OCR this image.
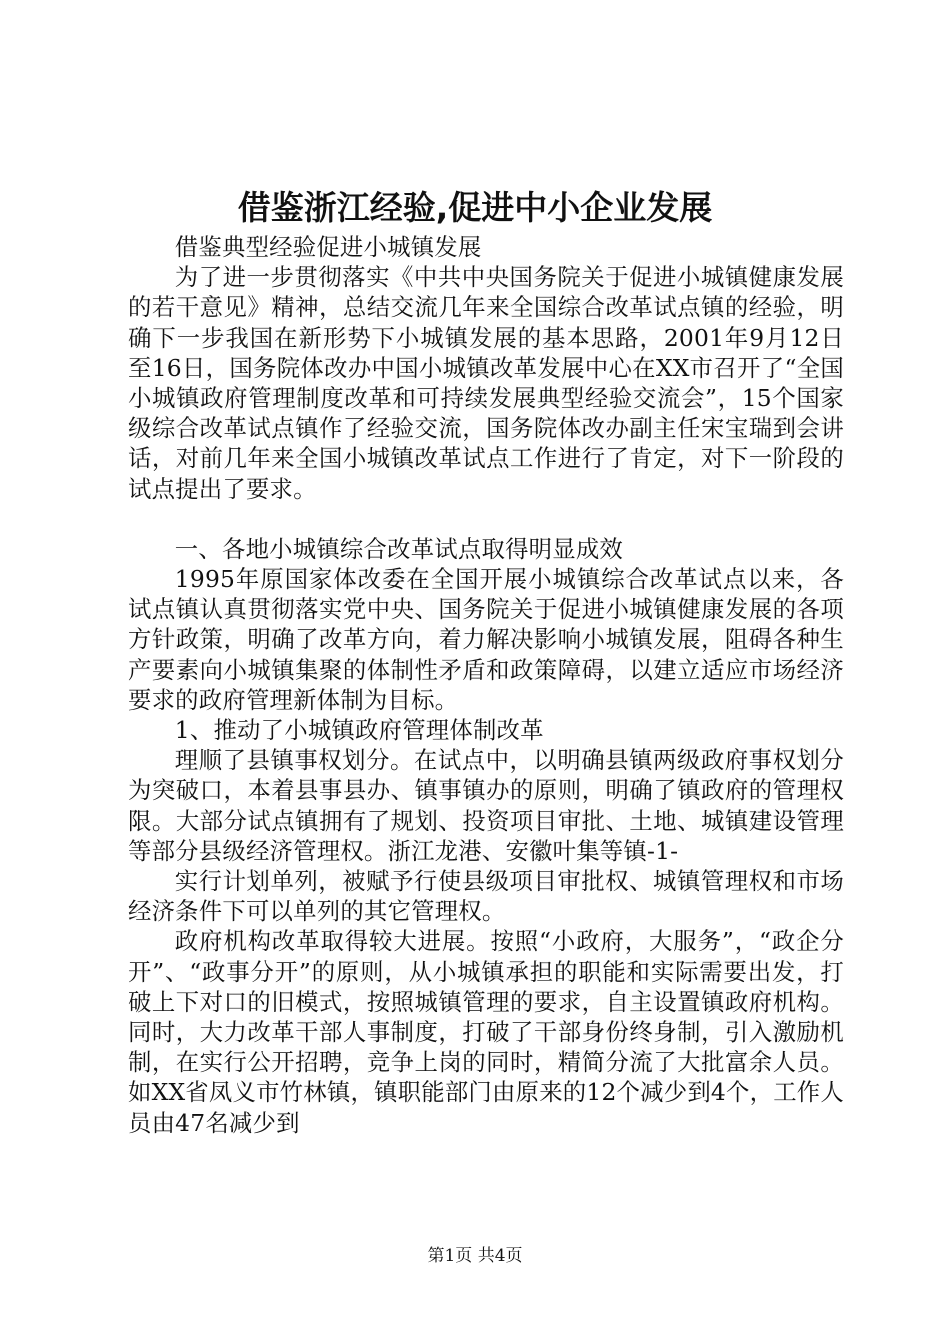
借鉴浙江经验,促进中小企业发展

借鉴典型经验促进小城镇发展

为了进一步贯彻落实《中共中央国务院关于促进小城镇健康发展的若干意见》精神，总结交流几年来全国综合改革试点镇的经验，明确下一步我国在新形势下小城镇发展的基本思路，2001年9月12日至16日，国务院体改办中国小城镇改革发展中心在XX市召开了“全国小城镇政府管理制度改革和可持续发展典型经验交流会”，15个国家级综合改革试点镇作了经验交流，国务院体改办副主任宋宝瑞到会讲话，对前几年来全国小城镇改革试点工作进行了肯定，对下一阶段的试点提出了要求。

一、各地小城镇综合改革试点取得明显成效

1995年原国家体改委在全国开展小城镇综合改革试点以来，各试点镇认真贯彻落实党中央、国务院关于促进小城镇健康发展的各项方针政策，明确了改革方向，着力解决影响小城镇发展，阻碍各种生产要素向小城镇集聚的体制性矛盾和政策障碍，以建立适应市场经济要求的政府管理新体制为目标。

1、推动了小城镇政府管理体制改革

理顺了县镇事权划分。在试点中，以明确县镇两级政府事权划分为突破口，本着县事县办、镇事镇办的原则，明确了镇政府的管理权限。大部分试点镇拥有了规划、投资项目审批、土地、城镇建设管理等部分县级经济管理权。浙江龙港、安徽叶集等镇-1-

实行计划单列，被赋予行使县级项目审批权、城镇管理权和市场经济条件下可以单列的其它管理权。

政府机构改革取得较大进展。按照“小政府，大服务”，“政企分开”、“政事分开”的原则，从小城镇承担的职能和实际需要出发，打破上下对口的旧模式，按照城镇管理的要求，自主设置镇政府机构。同时，大力改革干部人事制度，打破了干部身份终身制，引入激励机制，在实行公开招聘，竞争上岗的同时，精简分流了大批富余人员。如XX省凤义市竹林镇，镇职能部门由原来的12个减少到4个，工作人员由47名减少到

第1页 共4页
